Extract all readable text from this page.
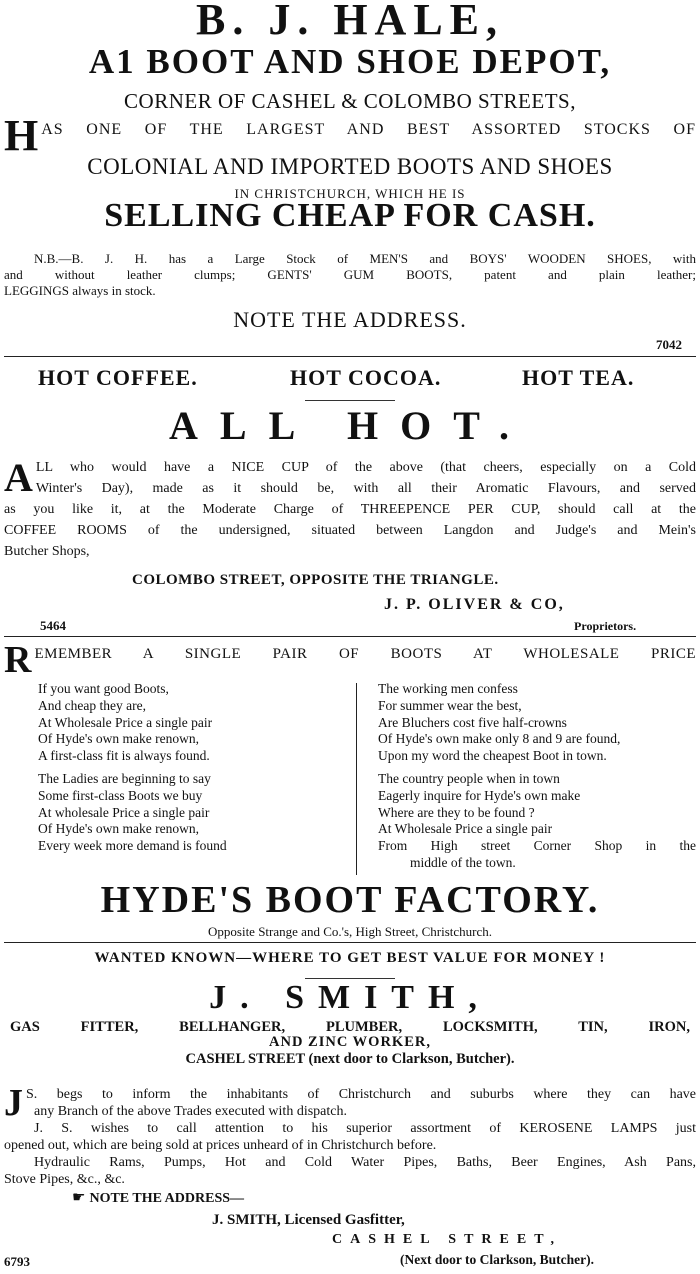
B. J. HALE,
A1 BOOT AND SHOE DEPOT,
CORNER OF CASHEL & COLOMBO STREETS,
H AS ONE OF THE LARGEST AND BEST ASSORTED STOCKS OF
COLONIAL AND IMPORTED BOOTS AND SHOES
IN CHRISTCHURCH, WHICH HE IS
SELLING CHEAP FOR CASH.
N.B.—B. J. H. has a Large Stock of MEN'S and BOYS' WOODEN SHOES, with
and without leather clumps; GENTS' GUM BOOTS, patent and plain leather;
LEGGINGS always in stock.
NOTE THE ADDRESS.
7042
HOT COFFEE.	HOT COCOA.	HOT TEA.
ALL HOT.
A LL who would have a NICE CUP of the above (that cheers, especially on a Cold
Winter's Day), made as it should be, with all their Aromatic Flavours, and served
as you like it, at the Moderate Charge of THREEPENCE PER CUP, should call at the
COFFEE ROOMS of the undersigned, situated between Langdon and Judge's and Mein's
Butcher Shops,
COLOMBO STREET, OPPOSITE THE TRIANGLE.
J. P. OLIVER & CO,
5464	Proprietors.
R EMEMBER A SINGLE PAIR OF BOOTS AT WHOLESALE PRICE
If you want good Boots,
And cheap they are,
At Wholesale Price a single pair
Of Hyde's own make renown,
A first-class fit is always found.
The Ladies are beginning to say
Some first-class Boots we buy
At wholesale Price a single pair
Of Hyde's own make renown,
Every week more demand is found
The working men confess
For summer wear the best,
Are Bluchers cost five half-crowns
Of Hyde's own make only 8 and 9 are found,
Upon my word the cheapest Boot in town.
The country people when in town
Eagerly inquire for Hyde's own make
Where are they to be found ?
At Wholesale Price a single pair
From High street Corner Shop in the
middle of the town.
HYDE'S BOOT FACTORY.
Opposite Strange and Co.'s, High Street, Christchurch.
WANTED KNOWN—WHERE TO GET BEST VALUE FOR MONEY !
J. SMITH,
GAS FITTER, BELLHANGER, PLUMBER, LOCKSMITH, TIN, IRON,
AND ZINC WORKER,
CASHEL STREET (next door to Clarkson, Butcher).
J S. begs to inform the inhabitants of Christchurch and suburbs where they can have
any Branch of the above Trades executed with dispatch.
J. S. wishes to call attention to his superior assortment of KEROSENE LAMPS just
opened out, which are being sold at prices unheard of in Christchurch before.
Hydraulic Rams, Pumps, Hot and Cold Water Pipes, Baths, Beer Engines, Ash Pans,
Stove Pipes, &c., &c.
☛ NOTE THE ADDRESS—
J. SMITH, Licensed Gasfitter,
CASHEL STREET,
(Next door to Clarkson, Butcher).
6793
